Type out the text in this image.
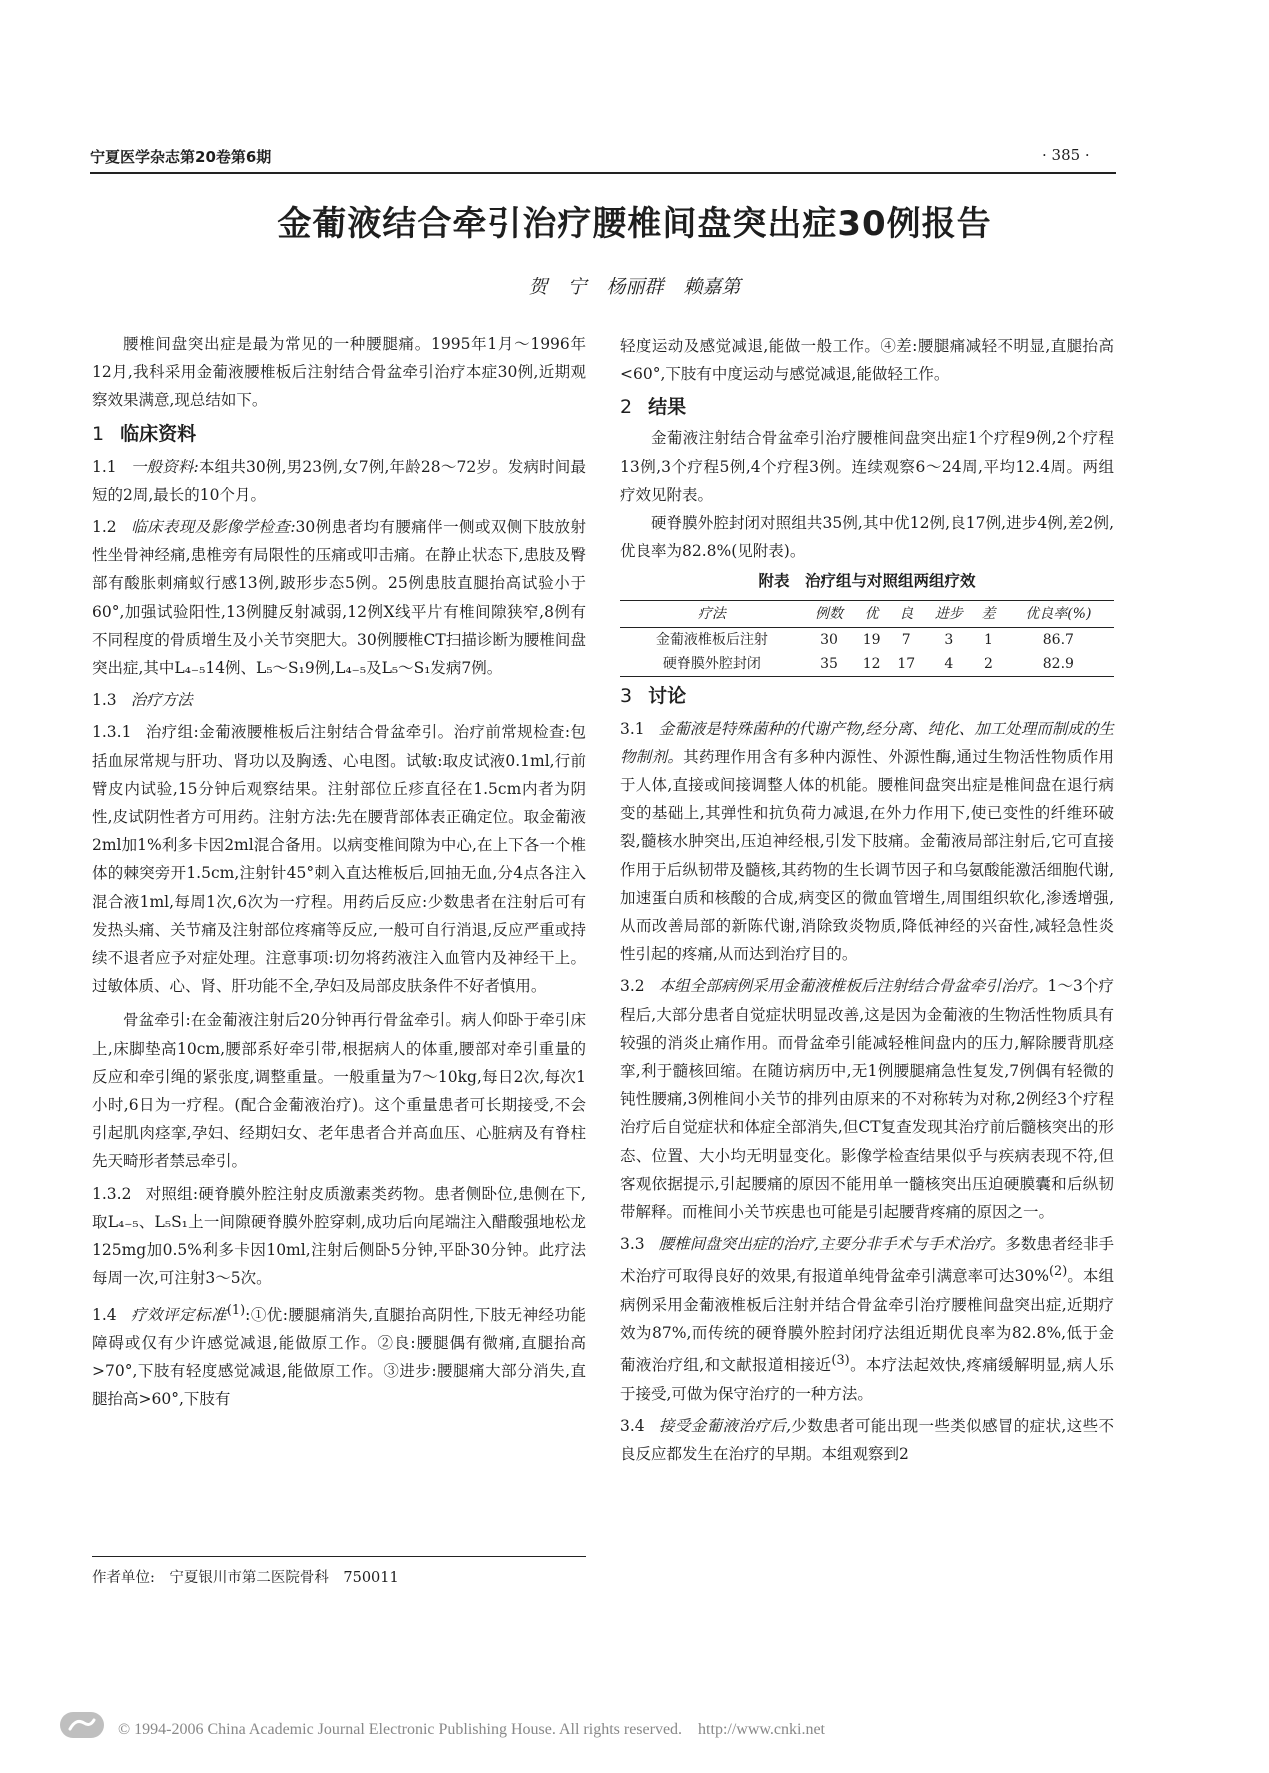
宁夏医学杂志第20卷第6期	· 385 ·
金葡液结合牵引治疗腰椎间盘突出症30例报告
贺 宁 杨丽群 赖嘉第

腰椎间盘突出症是最为常见的一种腰腿痛。1995年1月～1996年12月,我科采用金葡液腰椎板后注射结合骨盆牵引治疗本症30例,近期观察效果满意,现总结如下。

1 临床资料

1.1 一般资料:本组共30例,男23例,女7例,年龄28～72岁。发病时间最短的2周,最长的10个月。

1.2 临床表现及影像学检查:30例患者均有腰痛伴一侧或双侧下肢放射性坐骨神经痛,患椎旁有局限性的压痛或叩击痛。在静止状态下,患肢及臀部有酸胀刺痛蚁行感13例,跛形步态5例。25例患肢直腿抬高试验小于60°,加强试验阳性,13例腱反射减弱,12例X线平片有椎间隙狭窄,8例有不同程度的骨质增生及小关节突肥大。30例腰椎CT扫描诊断为腰椎间盘突出症,其中L₄₋₅14例、L₅～S₁9例,L₄₋₅及L₅～S₁发病7例。

1.3 治疗方法

1.3.1 治疗组:金葡液腰椎板后注射结合骨盆牵引。治疗前常规检查:包括血尿常规与肝功、肾功以及胸透、心电图。试敏:取皮试液0.1ml,行前臂皮内试验,15分钟后观察结果。注射部位丘疹直径在1.5cm内者为阴性,皮试阴性者方可用药。注射方法:先在腰背部体表正确定位。取金葡液2ml加1%利多卡因2ml混合备用。以病变椎间隙为中心,在上下各一个椎体的棘突旁开1.5cm,注射针45°刺入直达椎板后,回抽无血,分4点各注入混合液1ml,每周1次,6次为一疗程。用药后反应:少数患者在注射后可有发热头痛、关节痛及注射部位疼痛等反应,一般可自行消退,反应严重或持续不退者应予对症处理。注意事项:切勿将药液注入血管内及神经干上。过敏体质、心、肾、肝功能不全,孕妇及局部皮肤条件不好者慎用。

骨盆牵引:在金葡液注射后20分钟再行骨盆牵引。病人仰卧于牵引床上,床脚垫高10cm,腰部系好牵引带,根据病人的体重,腰部对牵引重量的反应和牵引绳的紧张度,调整重量。一般重量为7～10kg,每日2次,每次1小时,6日为一疗程。(配合金葡液治疗)。这个重量患者可长期接受,不会引起肌肉痉挛,孕妇、经期妇女、老年患者合并高血压、心脏病及有脊柱先天畸形者禁忌牵引。

1.3.2 对照组:硬脊膜外腔注射皮质激素类药物。患者侧卧位,患侧在下,取L₄₋₅、L₅S₁上一间隙硬脊膜外腔穿刺,成功后向尾端注入醋酸强地松龙125mg加0.5%利多卡因10ml,注射后侧卧5分钟,平卧30分钟。此疗法每周一次,可注射3～5次。

1.4 疗效评定标准$^{(1)}$:①优:腰腿痛消失,直腿抬高阴性,下肢无神经功能障碍或仅有少许感觉减退,能做原工作。②良:腰腿偶有微痛,直腿抬高>70°,下肢有轻度感觉减退,能做原工作。③进步:腰腿痛大部分消失,直腿抬高>60°,下肢有

作者单位:　宁夏银川市第二医院骨科　750011

轻度运动及感觉减退,能做一般工作。④差:腰腿痛减轻不明显,直腿抬高<60°,下肢有中度运动与感觉减退,能做轻工作。

2 结果

金葡液注射结合骨盆牵引治疗腰椎间盘突出症1个疗程9例,2个疗程13例,3个疗程5例,4个疗程3例。连续观察6～24周,平均12.4周。两组疗效见附表。

硬脊膜外腔封闭对照组共35例,其中优12例,良17例,进步4例,差2例,优良率为82.8%(见附表)。

附表　治疗组与对照组两组疗效
疗法	例数	优	良	进步	差	优良率(%)
金葡液椎板后注射	30	19	7	3	1	86.7
硬脊膜外腔封闭	35	12	17	4	2	82.9

3 讨论

3.1 金葡液是特殊菌种的代谢产物,经分离、纯化、加工处理而制成的生物制剂。其药理作用含有多种内源性、外源性酶,通过生物活性物质作用于人体,直接或间接调整人体的机能。腰椎间盘突出症是椎间盘在退行病变的基础上,其弹性和抗负荷力减退,在外力作用下,使已变性的纤维环破裂,髓核水肿突出,压迫神经根,引发下肢痛。金葡液局部注射后,它可直接作用于后纵韧带及髓核,其药物的生长调节因子和乌氨酸能激活细胞代谢,加速蛋白质和核酸的合成,病变区的微血管增生,周围组织软化,渗透增强,从而改善局部的新陈代谢,消除致炎物质,降低神经的兴奋性,减轻急性炎性引起的疼痛,从而达到治疗目的。

3.2 本组全部病例采用金葡液椎板后注射结合骨盆牵引治疗。1～3个疗程后,大部分患者自觉症状明显改善,这是因为金葡液的生物活性物质具有较强的消炎止痛作用。而骨盆牵引能减轻椎间盘内的压力,解除腰背肌痉挛,利于髓核回缩。在随访病历中,无1例腰腿痛急性复发,7例偶有轻微的钝性腰痛,3例椎间小关节的排列由原来的不对称转为对称,2例经3个疗程治疗后自觉症状和体症全部消失,但CT复查发现其治疗前后髓核突出的形态、位置、大小均无明显变化。影像学检查结果似乎与疾病表现不符,但客观依据提示,引起腰痛的原因不能用单一髓核突出压迫硬膜囊和后纵韧带解释。而椎间小关节疾患也可能是引起腰背疼痛的原因之一。

3.3 腰椎间盘突出症的治疗,主要分非手术与手术治疗。多数患者经非手术治疗可取得良好的效果,有报道单纯骨盆牵引满意率可达30%$^{(2)}$。本组病例采用金葡液椎板后注射并结合骨盆牵引治疗腰椎间盘突出症,近期疗效为87%,而传统的硬脊膜外腔封闭疗法组近期优良率为82.8%,低于金葡液治疗组,和文献报道相接近$^{(3)}$。本疗法起效快,疼痛缓解明显,病人乐于接受,可做为保守治疗的一种方法。

3.4 接受金葡液治疗后,少数患者可能出现一些类似感冒的症状,这些不良反应都发生在治疗的早期。本组观察到2

© 1994-2006 China Academic Journal Electronic Publishing House. All rights reserved.　http://www.cnki.net
